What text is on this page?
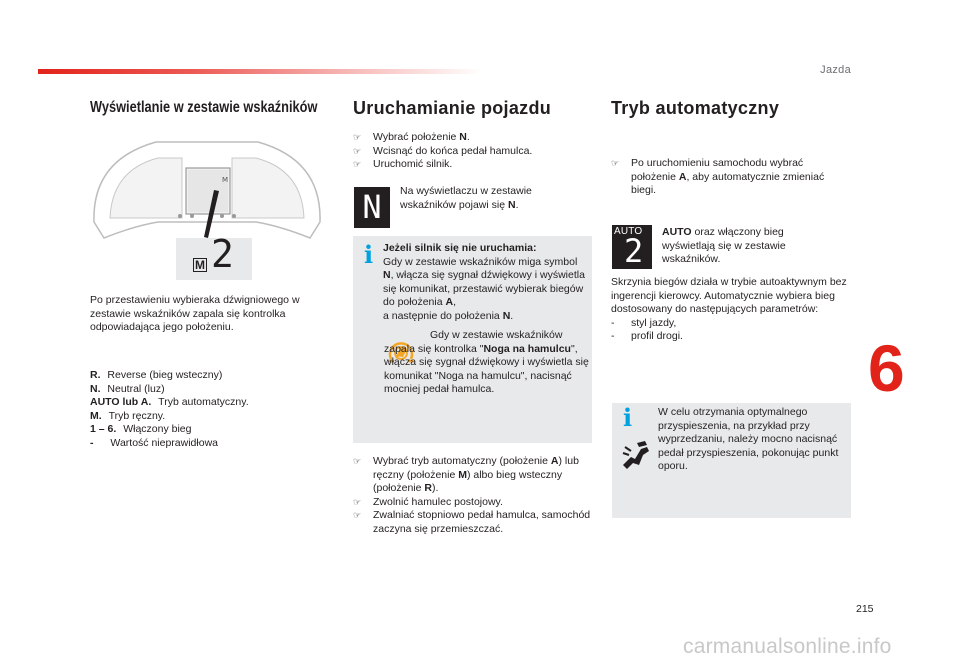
Jazda
Wyświetlanie w zestawie wskaźników
M
M 2
Po przestawieniu wybieraka dźwigniowego w zestawie wskaźników zapala się kontrolka odpowiadająca jego położeniu.
R. Reverse (bieg wsteczny)
N. Neutral (luz)
AUTO lub A. Tryb automatyczny.
M. Tryb ręczny.
1 – 6. Włączony bieg
- Wartość nieprawidłowa
Uruchamianie pojazdu
☞ Wybrać położenie N.
☞ Wcisnąć do końca pedał hamulca.
☞ Uruchomić silnik.
N	Na wyświetlaczu w zestawie wskaźników pojawi się N.
i Jeżeli silnik się nie uruchamia:
Gdy w zestawie wskaźników miga symbol N, włącza się sygnał dźwiękowy i wyświetla się komunikat, przestawić wybierak biegów do położenia A,
a następnie do położenia N.
Gdy w zestawie wskaźników zapala się kontrolka "Noga na hamulcu", włącza się sygnał dźwiękowy i wyświetla się komunikat "Noga na hamulcu", nacisnąć mocniej pedał hamulca.
☞ Wybrać tryb automatyczny (położenie A) lub ręczny (położenie M) albo bieg wsteczny (położenie R).
☞ Zwolnić hamulec postojowy.
☞ Zwalniać stopniowo pedał hamulca, samochód zaczyna się przemieszczać.
Tryb automatyczny
☞ Po uruchomieniu samochodu wybrać położenie A, aby automatycznie zmieniać biegi.
AUTO
2 AUTO oraz włączony bieg wyświetlają się w zestawie wskaźników.
Skrzynia biegów działa w trybie autoaktywnym bez ingerencji kierowcy. Automatycznie wybiera bieg dostosowany do następujących parametrów:
- styl jazdy,
- profil drogi.
i W celu otrzymania optymalnego przyspieszenia, na przykład przy wyprzedzaniu, należy mocno nacisnąć pedał przyspieszenia, pokonując punkt oporu.
6
215
carmanualsonline.info
